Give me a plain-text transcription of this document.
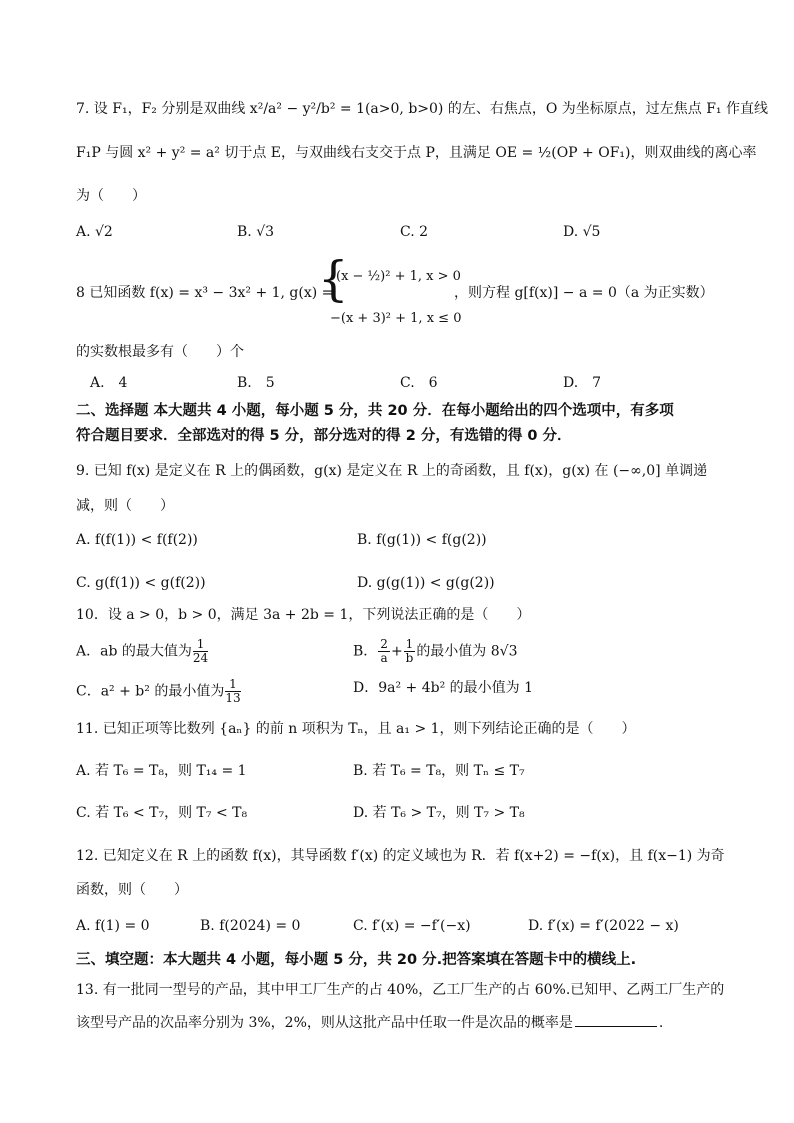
7. 设 F₁，F₂ 分别是双曲线 x²/a² − y²/b² = 1(a>0, b>0) 的左、右焦点，O 为坐标原点，过左焦点 F₁ 作直线
F₁P 与圆 x² + y² = a² 切于点 E，与双曲线右支交于点 P，且满足 OE = ½(OP + OF₁)，则双曲线的离心率
为（　　）
A. √2	B. √3	C. 2	D. √5
8 已知函数 f(x) = x³ − 3x² + 1, g(x) =
{
(x − ½)² + 1, x > 0
−(x + 3)² + 1, x ≤ 0
，则方程 g[f(x)] − a = 0（a 为正实数）
的实数根最多有（　　）个
A.　4	B.　5	C.　6	D.　7
二、选择题 本大题共 4 小题，每小题 5 分，共 20 分．在每小题给出的四个选项中，有多项
符合题目要求．全部选对的得 5 分，部分选对的得 2 分，有选错的得 0 分．
9. 已知 f(x) 是定义在 R 上的偶函数，g(x) 是定义在 R 上的奇函数，且 f(x)，g(x) 在 (−∞,0] 单调递
减，则（　　）
A. f(f(1)) < f(f(2))	B. f(g(1)) < f(g(2))
C. g(f(1)) < g(f(2))	D. g(g(1)) < g(g(2))
10．设 a > 0，b > 0，满足 3a + 2b = 1，下列说法正确的是（　　）
A．ab 的最大值为 $\frac{1}{24}$	B． $\frac{2}{a} + \frac{1}{b}$ 的最小值为 8√3
C．a² + b² 的最小值为 $\frac{1}{13}$	D．9a² + 4b² 的最小值为 1
11. 已知正项等比数列 {aₙ} 的前 n 项积为 Tₙ，且 a₁ > 1，则下列结论正确的是（　　）
A. 若 T₆ = T₈，则 T₁₄ = 1	B. 若 T₆ = T₈，则 Tₙ ≤ T₇
C. 若 T₆ < T₇，则 T₇ < T₈	D. 若 T₆ > T₇，则 T₇ > T₈
12. 已知定义在 R 上的函数 f(x)，其导函数 f′(x) 的定义域也为 R．若 f(x+2) = −f(x)，且 f(x−1) 为奇
函数，则（　　）
A. f(1) = 0	B. f(2024) = 0	C. f′(x) = −f′(−x)	D. f′(x) = f′(2022 − x)
三、填空题：本大题共 4 小题，每小题 5 分，共 20 分.把答案填在答题卡中的横线上.
13. 有一批同一型号的产品，其中甲工厂生产的占 40%，乙工厂生产的占 60%.已知甲、乙两工厂生产的
该型号产品的次品率分别为 3%，2%，则从这批产品中任取一件是次品的概率是	.
